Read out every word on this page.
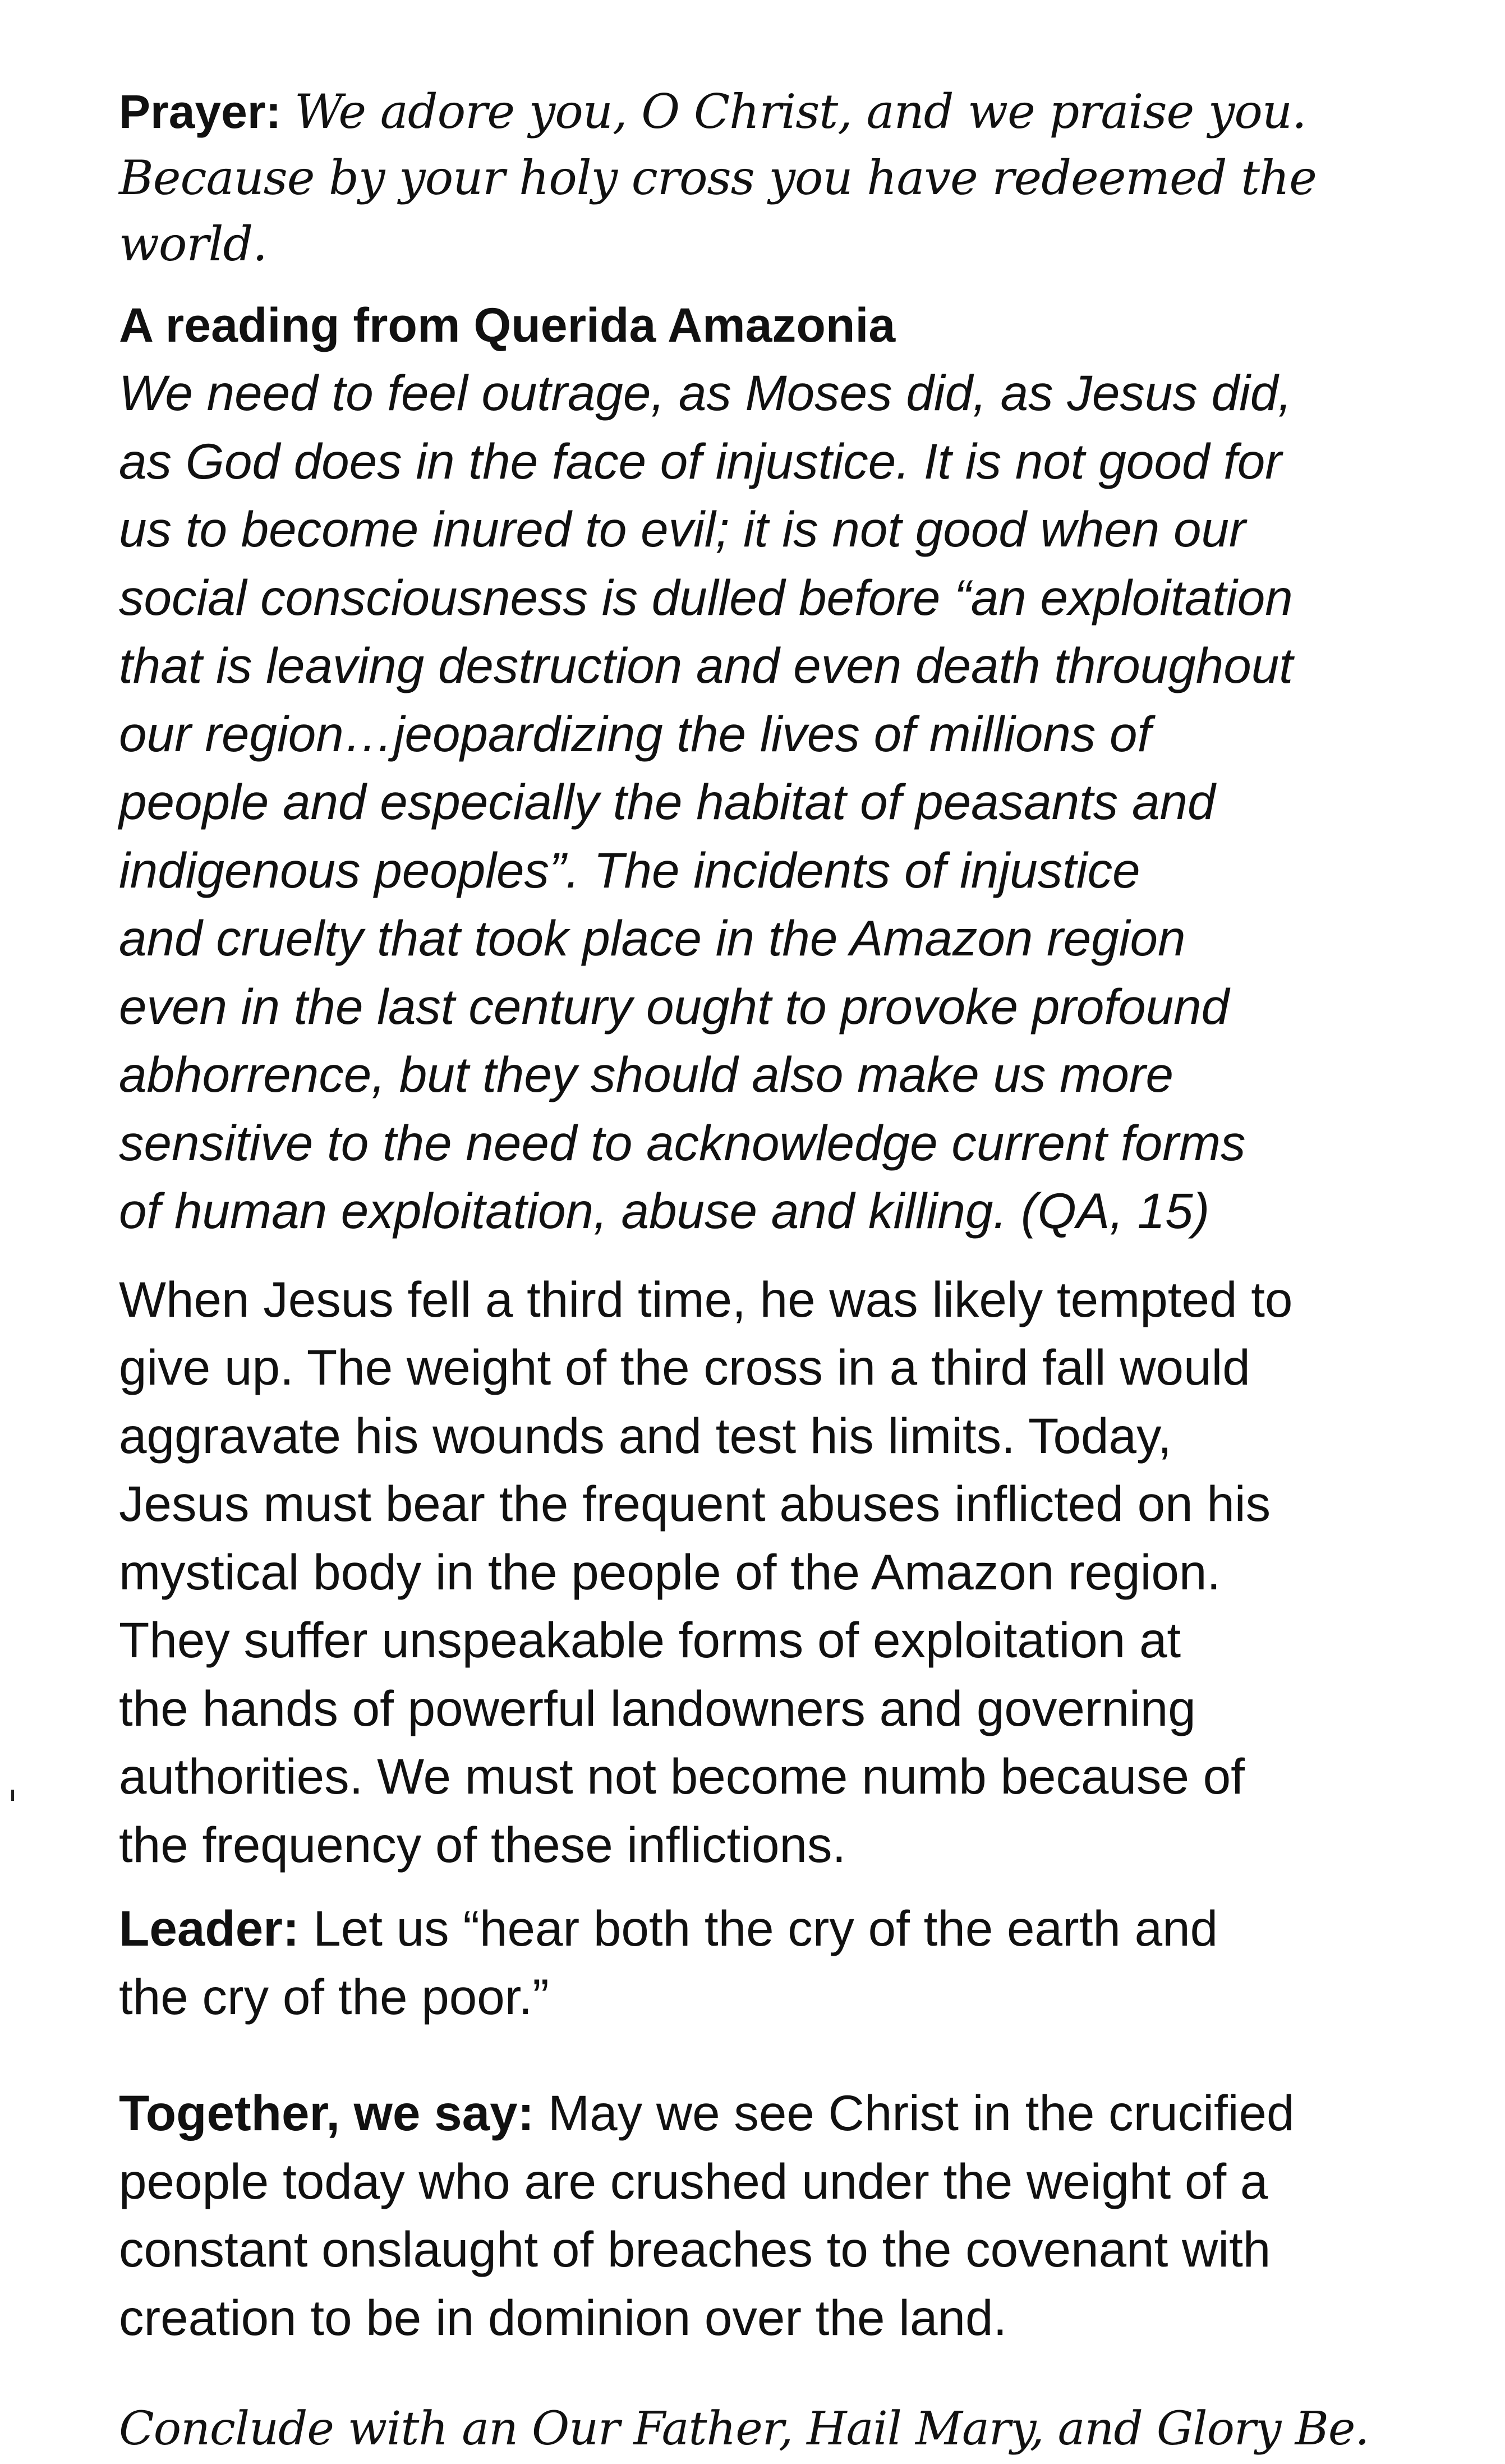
Prayer: We adore you, O Christ, and we praise you.
Because by your holy cross you have redeemed the world.

A reading from Querida Amazonia

We need to feel outrage, as Moses did, as Jesus did,
as God does in the face of injustice. It is not good for
us to become inured to evil; it is not good when our
social consciousness is dulled before “an exploitation
that is leaving destruction and even death throughout
our region…jeopardizing the lives of millions of
people and especially the habitat of peasants and
indigenous peoples”. The incidents of injustice
and cruelty that took place in the Amazon region
even in the last century ought to provoke profound
abhorrence, but they should also make us more
sensitive to the need to acknowledge current forms
of human exploitation, abuse and killing. (QA, 15)

When Jesus fell a third time, he was likely tempted to
give up. The weight of the cross in a third fall would
aggravate his wounds and test his limits. Today,
Jesus must bear the frequent abuses inflicted on his
mystical body in the people of the Amazon region.
They suffer unspeakable forms of exploitation at
the hands of powerful landowners and governing
authorities. We must not become numb because of
the frequency of these inflictions.

Leader: Let us “hear both the cry of the earth and
the cry of the poor.”

Together, we say: May we see Christ in the crucified
people today who are crushed under the weight of a
constant onslaught of breaches to the covenant with
creation to be in dominion over the land.

Conclude with an Our Father, Hail Mary, and Glory Be.
